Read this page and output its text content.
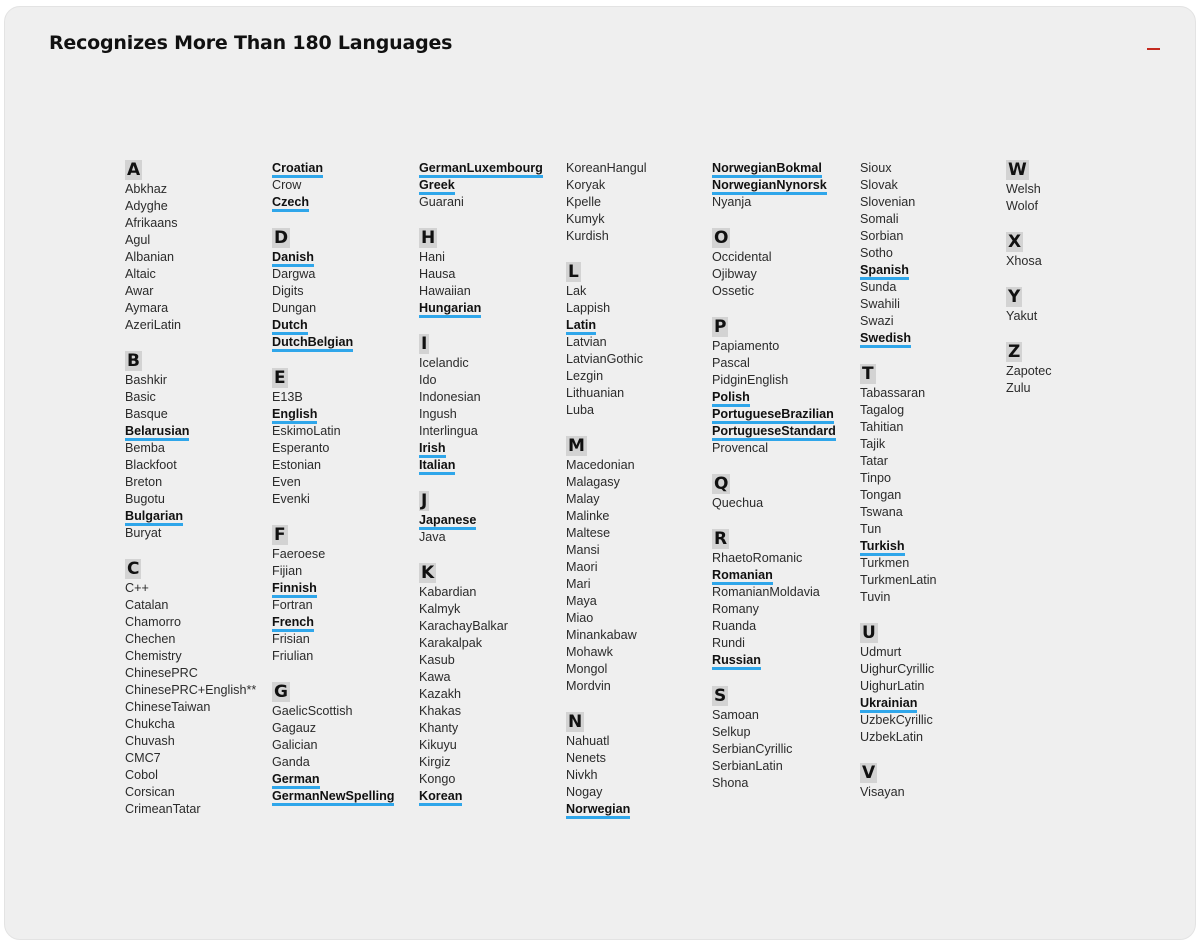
Recognizes More Than 180 Languages
A
Abkhaz
Adyghe
Afrikaans
Agul
Albanian
Altaic
Awar
Aymara
AzeriLatin
B
Bashkir
Basic
Basque
Belarusian
Bemba
Blackfoot
Breton
Bugotu
Bulgarian
Buryat
C
C++
Catalan
Chamorro
Chechen
Chemistry
ChinesePRC
ChinesePRC+English**
ChineseTaiwan
Chukcha
Chuvash
CMC7
Cobol
Corsican
CrimeanTatar
Croatian
Crow
Czech
D
Danish
Dargwa
Digits
Dungan
Dutch
DutchBelgian
E
E13B
English
EskimoLatin
Esperanto
Estonian
Even
Evenki
F
Faeroese
Fijian
Finnish
Fortran
French
Frisian
Friulian
G
GaelicScottish
Gagauz
Galician
Ganda
German
GermanNewSpelling
GermanLuxembourg
Greek
Guarani
H
Hani
Hausa
Hawaiian
Hungarian
I
Icelandic
Ido
Indonesian
Ingush
Interlingua
Irish
Italian
J
Japanese
Java
K
Kabardian
Kalmyk
KarachayBalkar
Karakalpak
Kasub
Kawa
Kazakh
Khakas
Khanty
Kikuyu
Kirgiz
Kongo
Korean
KoreanHangul
Koryak
Kpelle
Kumyk
Kurdish
L
Lak
Lappish
Latin
Latvian
LatvianGothic
Lezgin
Lithuanian
Luba
M
Macedonian
Malagasy
Malay
Malinke
Maltese
Mansi
Maori
Mari
Maya
Miao
Minankabaw
Mohawk
Mongol
Mordvin
N
Nahuatl
Nenets
Nivkh
Nogay
Norwegian
NorwegianBokmal
NorwegianNynorsk
Nyanja
O
Occidental
Ojibway
Ossetic
P
Papiamento
Pascal
PidginEnglish
Polish
PortugueseBrazilian
PortugueseStandard
Provencal
Q
Quechua
R
RhaetoRomanic
Romanian
RomanianMoldavia
Romany
Ruanda
Rundi
Russian
S
Samoan
Selkup
SerbianCyrillic
SerbianLatin
Shona
Sioux
Slovak
Slovenian
Somali
Sorbian
Sotho
Spanish
Sunda
Swahili
Swazi
Swedish
T
Tabassaran
Tagalog
Tahitian
Tajik
Tatar
Tinpo
Tongan
Tswana
Tun
Turkish
Turkmen
TurkmenLatin
Tuvin
U
Udmurt
UighurCyrillic
UighurLatin
Ukrainian
UzbekCyrillic
UzbekLatin
V
Visayan
W
Welsh
Wolof
X
Xhosa
Y
Yakut
Z
Zapotec
Zulu
